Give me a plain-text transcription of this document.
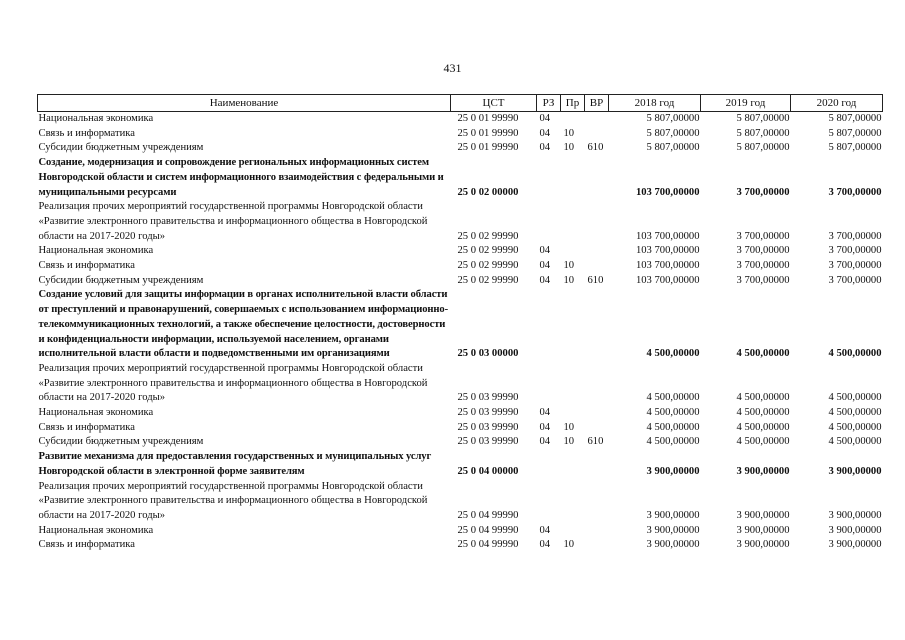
431
Наименование	ЦСТ	РЗ	Пр	ВР	2018 год	2019 год	2020 год
Национальная экономика	25 0 01 99990	04			5 807,00000	5 807,00000	5 807,00000
Связь и информатика	25 0 01 99990	04	10		5 807,00000	5 807,00000	5 807,00000
Субсидии бюджетным учреждениям	25 0 01 99990	04	10	610	5 807,00000	5 807,00000	5 807,00000
Создание, модернизация и сопровождение региональных информационных систем Новгородской области и систем информационного взаимодействия с федеральными и муниципальными ресурсами	25 0 02 00000				103 700,00000	3 700,00000	3 700,00000
Реализация прочих мероприятий государственной программы Новгородской области «Развитие электронного правительства и информационного общества в Новгородской области на 2017-2020 годы»	25 0 02 99990				103 700,00000	3 700,00000	3 700,00000
Национальная экономика	25 0 02 99990	04			103 700,00000	3 700,00000	3 700,00000
Связь и информатика	25 0 02 99990	04	10		103 700,00000	3 700,00000	3 700,00000
Субсидии бюджетным учреждениям	25 0 02 99990	04	10	610	103 700,00000	3 700,00000	3 700,00000
Создание условий для защиты информации в органах исполнительной власти области от преступлений и правонарушений, совершаемых с использованием информационно-телекоммуникационных технологий, а также обеспечение целостности, достоверности и конфиденциальности информации, используемой населением, органами исполнительной власти области и подведомственными им организациями	25 0 03 00000				4 500,00000	4 500,00000	4 500,00000
Реализация прочих мероприятий государственной программы Новгородской области «Развитие электронного правительства и информационного общества в Новгородской области на 2017-2020 годы»	25 0 03 99990				4 500,00000	4 500,00000	4 500,00000
Национальная экономика	25 0 03 99990	04			4 500,00000	4 500,00000	4 500,00000
Связь и информатика	25 0 03 99990	04	10		4 500,00000	4 500,00000	4 500,00000
Субсидии бюджетным учреждениям	25 0 03 99990	04	10	610	4 500,00000	4 500,00000	4 500,00000
Развитие механизма для предоставления государственных и муниципальных услуг Новгородской области в электронной форме заявителям	25 0 04 00000				3 900,00000	3 900,00000	3 900,00000
Реализация прочих мероприятий государственной программы Новгородской области «Развитие электронного правительства и информационного общества в Новгородской области на 2017-2020 годы»	25 0 04 99990				3 900,00000	3 900,00000	3 900,00000
Национальная экономика	25 0 04 99990	04			3 900,00000	3 900,00000	3 900,00000
Связь и информатика	25 0 04 99990	04	10		3 900,00000	3 900,00000	3 900,00000
